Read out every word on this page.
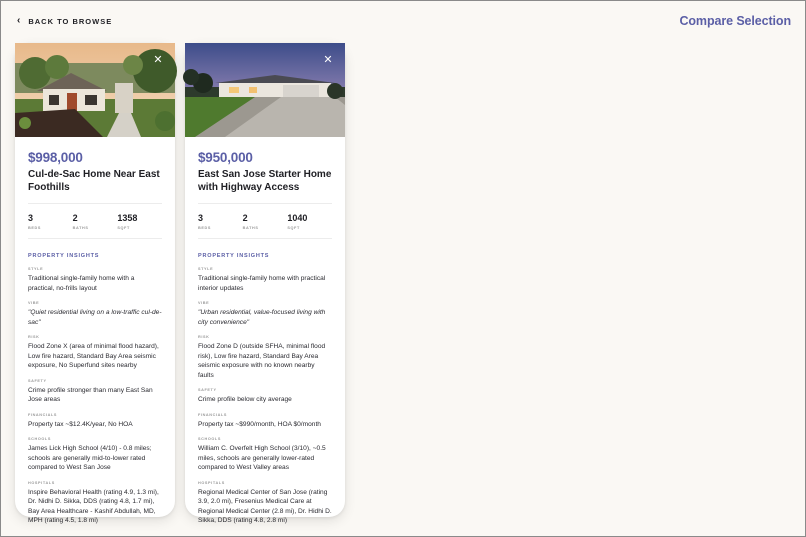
‹ BACK TO BROWSE	Compare Selection
✕
$998,000
Cul-de-Sac Home Near East Foothills
3
BEDS
2
BATHS
1358
SQFT
PROPERTY INSIGHTS
STYLE
Traditional single-family home with a practical, no-frills layout
VIBE
"Quiet residential living on a low-traffic cul-de-sac"
RISK
Flood Zone X (area of minimal flood hazard), Low fire hazard, Standard Bay Area seismic exposure, No Superfund sites nearby
SAFETY
Crime profile stronger than many East San Jose areas
FINANCIALS
Property tax ~$12.4K/year, No HOA
SCHOOLS
James Lick High School (4/10) - 0.8 miles; schools are generally mid-to-lower rated compared to West San Jose
HOSPITALS
Inspire Behavioral Health (rating 4.9, 1.3 mi), Dr. Nidhi D. Sikka, DDS (rating 4.8, 1.7 mi), Bay Area Healthcare - Kashif Abdullah, MD, MPH (rating 4.5, 1.8 mi)
✕
$950,000
East San Jose Starter Home with Highway Access
3
BEDS
2
BATHS
1040
SQFT
PROPERTY INSIGHTS
STYLE
Traditional single-family home with practical interior updates
VIBE
"Urban residential, value-focused living with city convenience"
RISK
Flood Zone D (outside SFHA, minimal flood risk), Low fire hazard, Standard Bay Area seismic exposure with no known nearby faults
SAFETY
Crime profile below city average
FINANCIALS
Property tax ~$990/month, HOA $0/month
SCHOOLS
William C. Overfelt High School (3/10), ~0.5 miles, schools are generally lower-rated compared to West Valley areas
HOSPITALS
Regional Medical Center of San Jose (rating 3.9, 2.0 mi), Fresenius Medical Care at Regional Medical Center (2.8 mi), Dr. Hidhi D. Sikka, DDS (rating 4.8, 2.8 mi)
